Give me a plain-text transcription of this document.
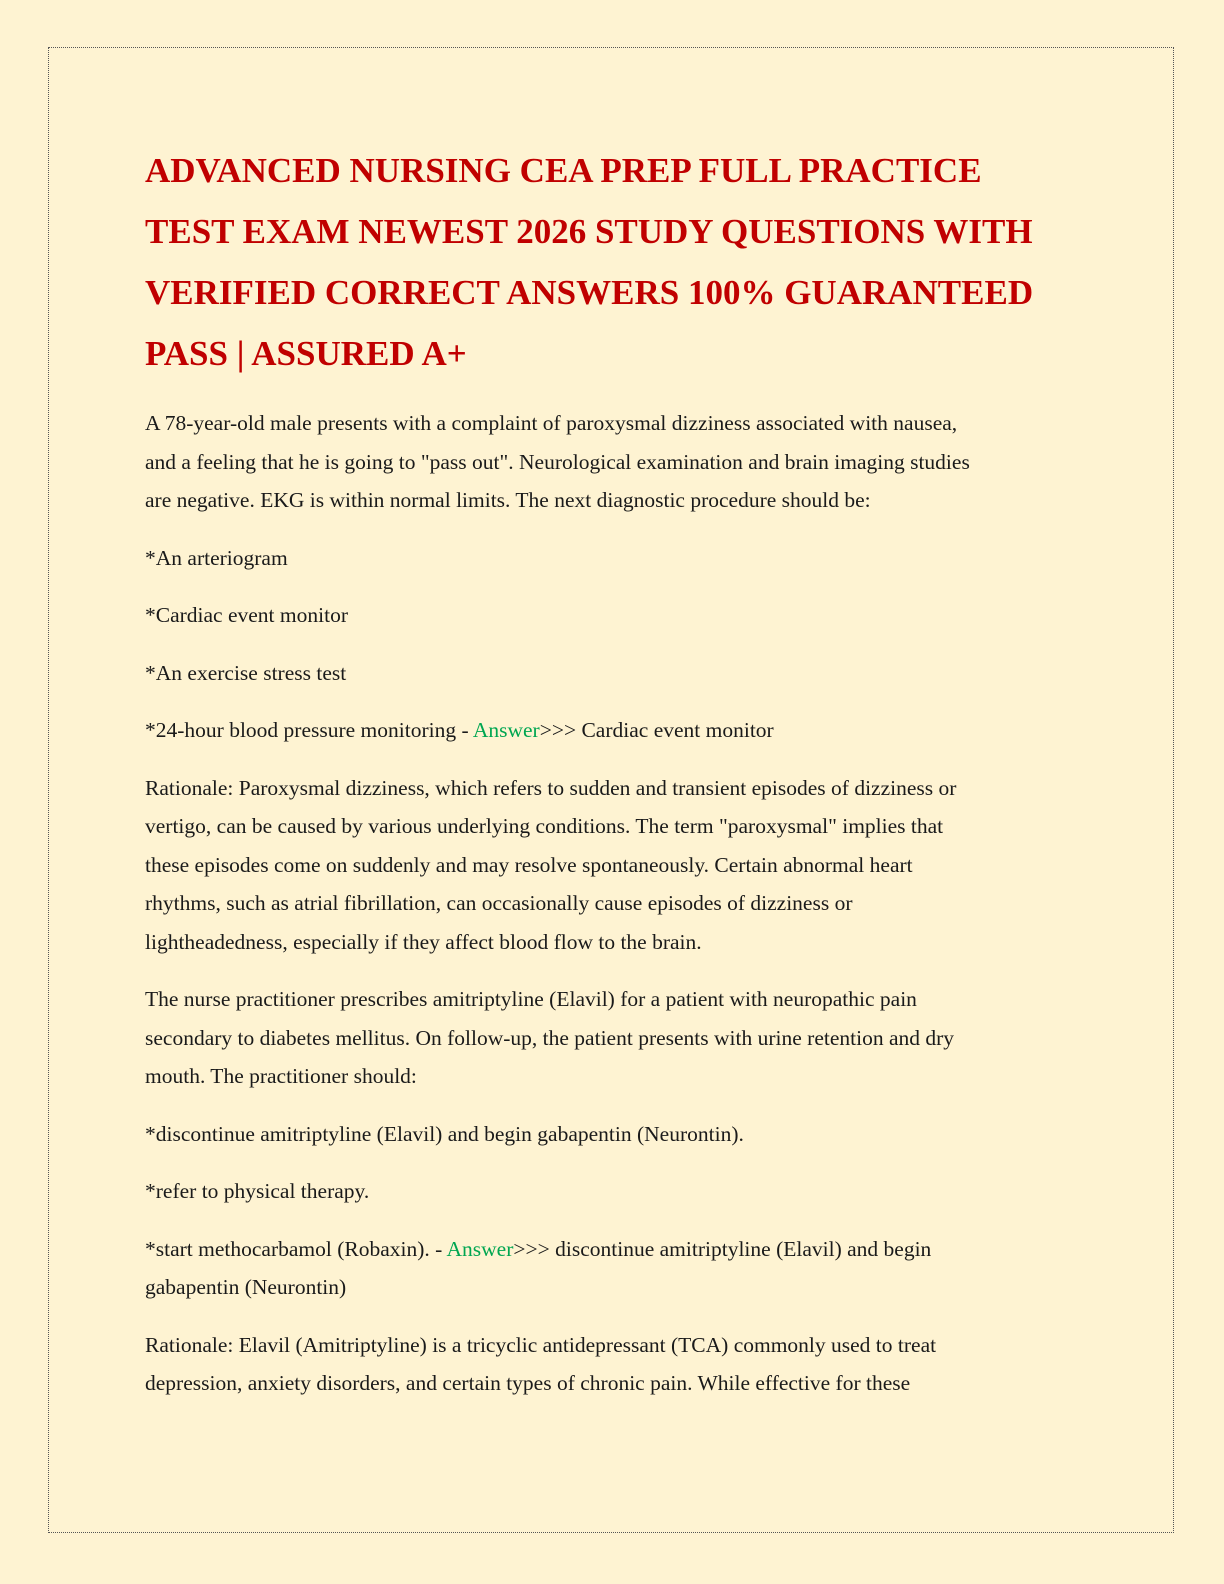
ADVANCED NURSING CEA PREP FULL PRACTICE
TEST EXAM NEWEST 2026 STUDY QUESTIONS WITH
VERIFIED CORRECT ANSWERS 100% GUARANTEED
PASS | ASSURED A+

A 78-year-old male presents with a complaint of paroxysmal dizziness associated with nausea,
and a feeling that he is going to "pass out". Neurological examination and brain imaging studies
are negative. EKG is within normal limits. The next diagnostic procedure should be:

*An arteriogram

*Cardiac event monitor

*An exercise stress test

*24-hour blood pressure monitoring - Answer>>> Cardiac event monitor

Rationale: Paroxysmal dizziness, which refers to sudden and transient episodes of dizziness or
vertigo, can be caused by various underlying conditions. The term "paroxysmal" implies that
these episodes come on suddenly and may resolve spontaneously. Certain abnormal heart
rhythms, such as atrial fibrillation, can occasionally cause episodes of dizziness or
lightheadedness, especially if they affect blood flow to the brain.

The nurse practitioner prescribes amitriptyline (Elavil) for a patient with neuropathic pain
secondary to diabetes mellitus. On follow-up, the patient presents with urine retention and dry
mouth. The practitioner should:

*discontinue amitriptyline (Elavil) and begin gabapentin (Neurontin).

*refer to physical therapy.

*start methocarbamol (Robaxin). - Answer>>> discontinue amitriptyline (Elavil) and begin
gabapentin (Neurontin)

Rationale: Elavil (Amitriptyline) is a tricyclic antidepressant (TCA) commonly used to treat
depression, anxiety disorders, and certain types of chronic pain. While effective for these
